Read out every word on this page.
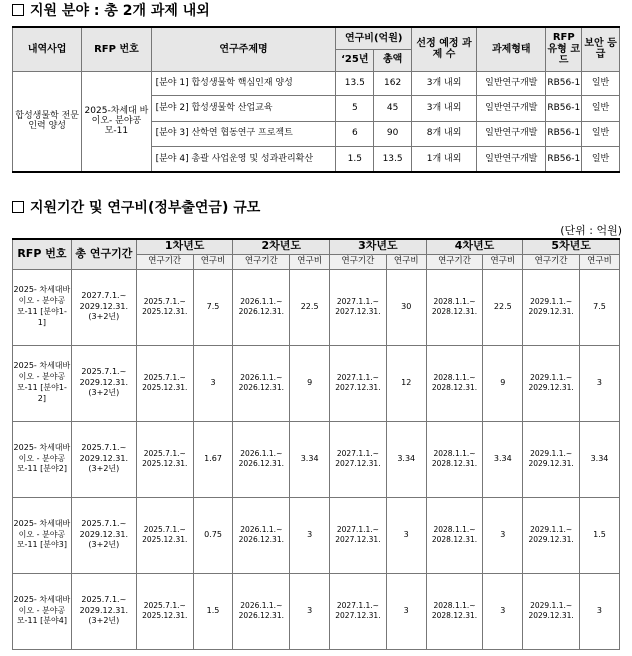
지원 분야 : 총 2개 과제 내외
내역사업	RFP 번호	연구주제명	연구비(억원)		선정 예정 과제 수	과제형태	RFP 유형 코드	보안 등급
			‘25년	총액				
합성생물학 전문인력 양성	2025-차세대 바이오- 분야공모-11	[분야 1] 합성생물학 핵심인재 양성	13.5	162	3개 내외	일반연구개발	RB56-1	일반
		[분야 2] 합성생물학 산업교육	5	45	3개 내외	일반연구개발	RB56-1	일반
		[분야 3] 산학연 협동연구 프로젝트	6	90	8개 내외	일반연구개발	RB56-1	일반
		[분야 4] 총괄 사업운영 및 성과관리확산	1.5	13.5	1개 내외	일반연구개발	RB56-1	일반
지원기간 및 연구비(정부출연금) 규모
(단위 : 억원)
RFP 번호	총 연구기간	1차년도		2차년도		3차년도		4차년도		5차년도	
		연구기간	연구비	연구기간	연구비	연구기간	연구비	연구기간	연구비	연구기간	연구비
2025- 차세대바이오 - 분야공모-11 [분야1-1]	2027.7.1.~ 2029.12.31. (3+2년)	2025.7.1.~ 2025.12.31.	7.5	2026.1.1.~ 2026.12.31.	22.5	2027.1.1.~ 2027.12.31.	30	2028.1.1.~ 2028.12.31.	22.5	2029.1.1.~ 2029.12.31.	7.5
2025- 차세대바이오 - 분야공모-11 [분야1-2]	2025.7.1.~ 2029.12.31. (3+2년)	2025.7.1.~ 2025.12.31.	3	2026.1.1.~ 2026.12.31.	9	2027.1.1.~ 2027.12.31.	12	2028.1.1.~ 2028.12.31.	9	2029.1.1.~ 2029.12.31.	3
2025- 차세대바이오 - 분야공모-11 [분야2]	2025.7.1.~ 2029.12.31. (3+2년)	2025.7.1.~ 2025.12.31.	1.67	2026.1.1.~ 2026.12.31.	3.34	2027.1.1.~ 2027.12.31.	3.34	2028.1.1.~ 2028.12.31.	3.34	2029.1.1.~ 2029.12.31.	3.34
2025- 차세대바이오 - 분야공모-11 [분야3]	2025.7.1.~ 2029.12.31. (3+2년)	2025.7.1.~ 2025.12.31.	0.75	2026.1.1.~ 2026.12.31.	3	2027.1.1.~ 2027.12.31.	3	2028.1.1.~ 2028.12.31.	3	2029.1.1.~ 2029.12.31.	1.5
2025- 차세대바이오 - 분야공모-11 [분야4]	2025.7.1.~ 2029.12.31. (3+2년)	2025.7.1.~ 2025.12.31.	1.5	2026.1.1.~ 2026.12.31.	3	2027.1.1.~ 2027.12.31.	3	2028.1.1.~ 2028.12.31.	3	2029.1.1.~ 2029.12.31.	3
